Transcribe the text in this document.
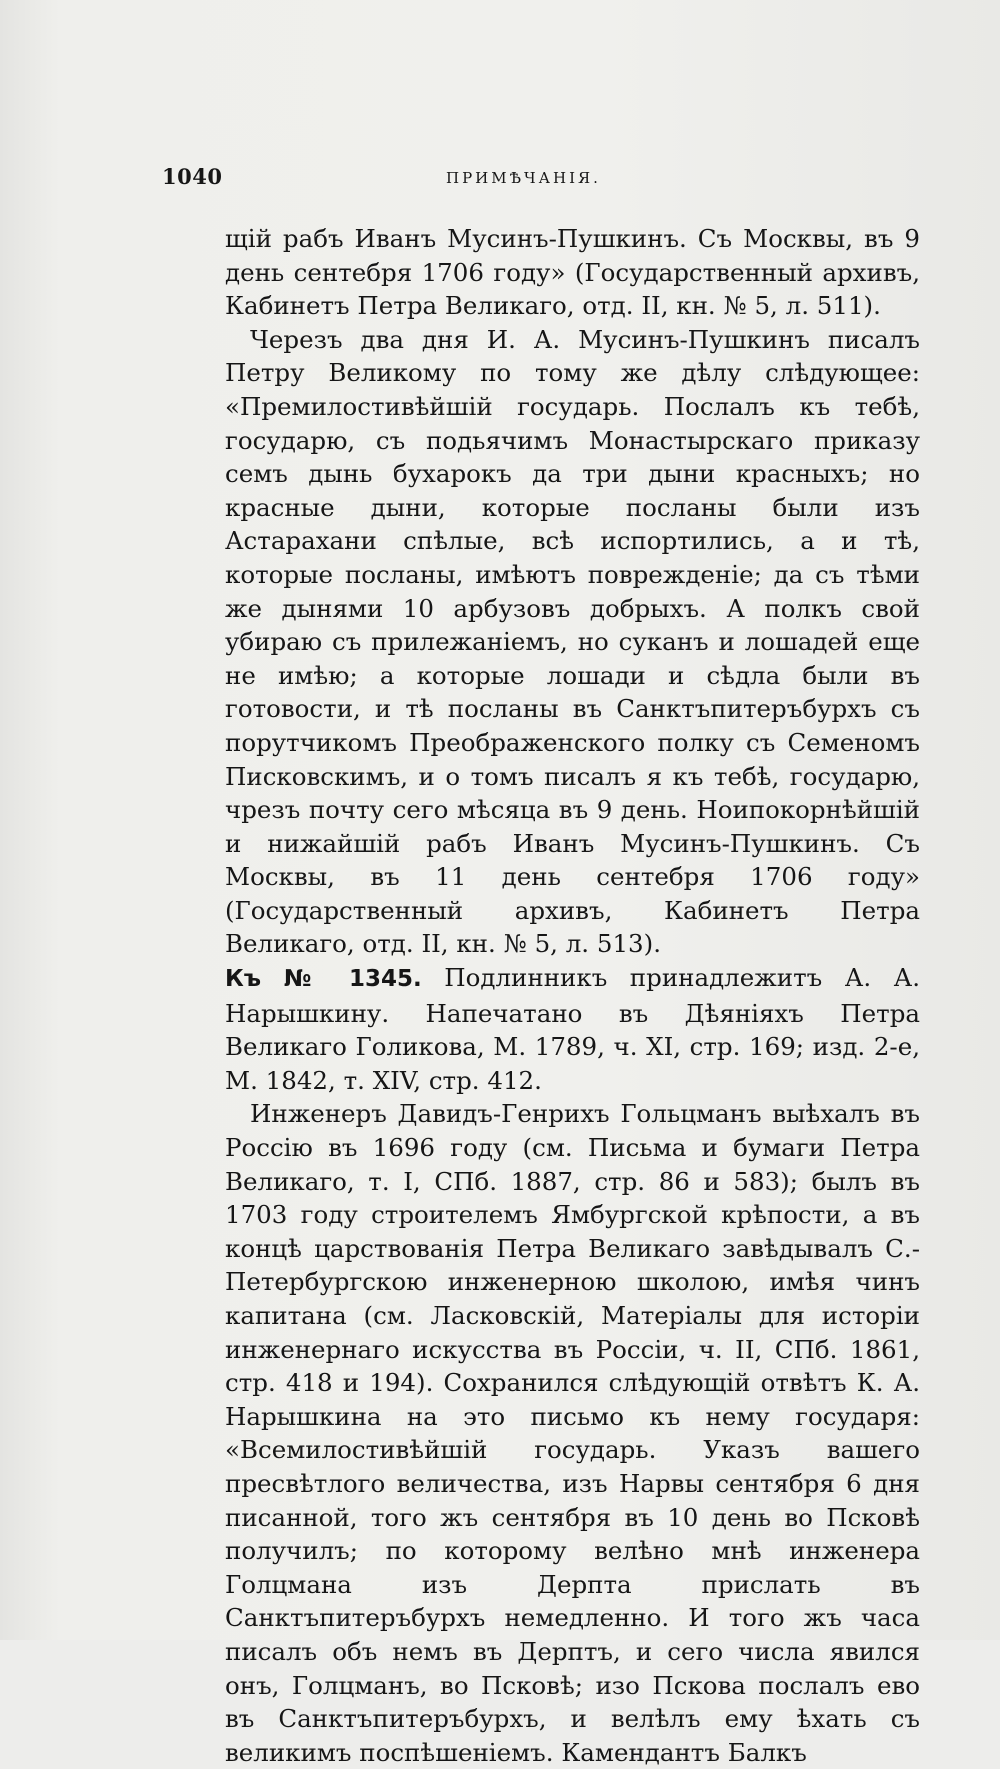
1040	ПРИМѢЧАНІЯ.

щій рабъ Иванъ Мусинъ-Пушкинъ. Съ Москвы, въ 9 день сентебря 1706 году» (Государственный архивъ, Кабинетъ Петра Великаго, отд. II, кн. № 5, л. 511).

Черезъ два дня И. А. Мусинъ-Пушкинъ писалъ Петру Великому по тому же дѣлу слѣдующее: «Премилостивѣйшій государь. Послалъ къ тебѣ, государю, съ подьячимъ Монастырскаго приказу семъ дынь бухарокъ да три дыни красныхъ; но красные дыни, которые посланы были изъ Астарахани спѣлые, всѣ испортились, а и тѣ, которые посланы, имѣютъ поврежденіе; да съ тѣми же дынями 10 арбузовъ добрыхъ. А полкъ свой убираю съ прилежаніемъ, но суканъ и лошадей еще не имѣю; а которые лошади и сѣдла были въ готовости, и тѣ посланы въ Санктъпитеръбурхъ съ порутчикомъ Преображенского полку съ Семеномъ Писковскимъ, и о томъ писалъ я къ тебѣ, государю, чрезъ почту сего мѣсяца въ 9 день. Ноипокорнѣйшій и нижайшій рабъ Иванъ Мусинъ-Пушкинъ. Съ Москвы, въ 11 день сентебря 1706 году» (Государственный архивъ, Кабинетъ Петра Великаго, отд. II, кн. № 5, л. 513).

Къ № 1345. Подлинникъ принадлежитъ А. А. Нарышкину. Напечатано въ Дѣяніяхъ Петра Великаго Голикова, М. 1789, ч. XI, стр. 169; изд. 2-е, М. 1842, т. XIV, стр. 412.

Инженеръ Давидъ-Генрихъ Гольцманъ выѣхалъ въ Россію въ 1696 году (см. Письма и бумаги Петра Великаго, т. I, СПб. 1887, стр. 86 и 583); былъ въ 1703 году строителемъ Ямбургской крѣпости, а въ концѣ царствованія Петра Великаго завѣдывалъ С.-Петербургскою инженерною школою, имѣя чинъ капитана (см. Ласковскій, Матеріалы для исторіи инженернаго искусства въ Россіи, ч. II, СПб. 1861, стр. 418 и 194). Сохранился слѣдующій отвѣтъ К. А. Нарышкина на это письмо къ нему государя: «Всемилостивѣйшій государь. Указъ вашего пресвѣтлого величества, изъ Нарвы сентября 6 дня писанной, того жъ сентября въ 10 день во Псковѣ получилъ; по которому велѣно мнѣ инженера Голцмана изъ Дерпта прислать въ Санктъпитеръбурхъ немедленно. И того жъ часа писалъ объ немъ въ Дерптъ, и сего числа явился онъ, Голцманъ, во Псковѣ; изо Пскова послалъ ево въ Санктъпитеръбурхъ, и велѣлъ ему ѣхать съ великимъ поспѣшеніемъ. Камендантъ Балкъ
